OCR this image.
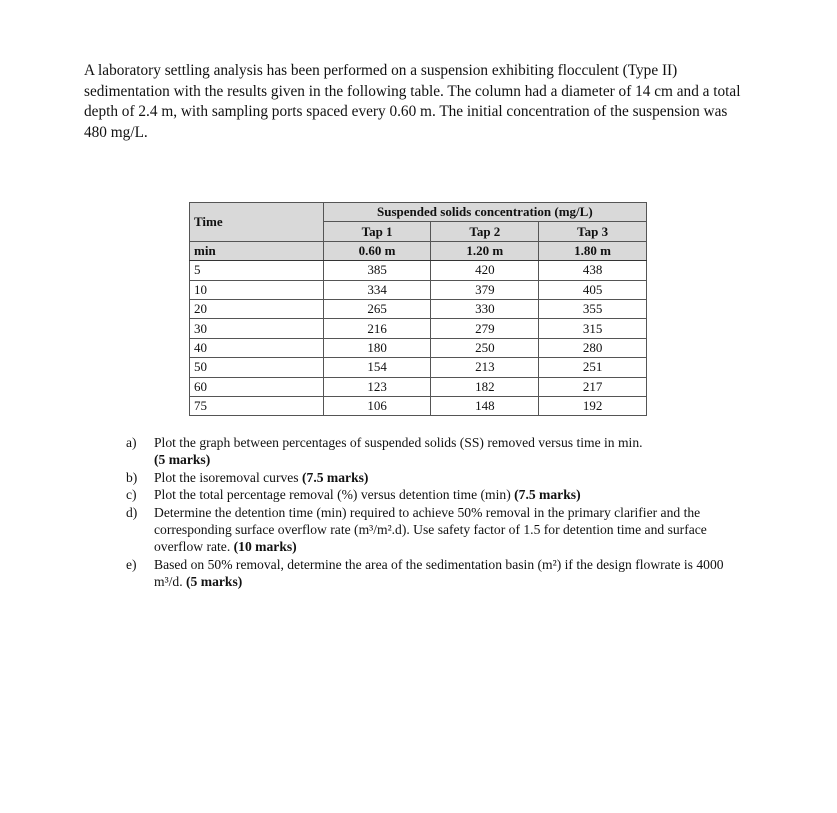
A laboratory settling analysis has been performed on a suspension exhibiting flocculent (Type II) sedimentation with the results given in the following table. The column had a diameter of 14 cm and a total depth of 2.4 m, with sampling ports spaced every 0.60 m. The initial concentration of the suspension was 480 mg/L.
Time	Suspended solids concentration (mg/L)		
	Tap 1	Tap 2	Tap 3
min	0.60 m	1.20 m	1.80 m
5	385	420	438
10	334	379	405
20	265	330	355
30	216	279	315
40	180	250	280
50	154	213	251
60	123	182	217
75	106	148	192
a)	Plot the graph between percentages of suspended solids (SS) removed versus time in min.
(5 marks)
b)	Plot the isoremoval curves (7.5 marks)
c)	Plot the total percentage removal (%) versus detention time (min) (7.5 marks)
d)	Determine the detention time (min) required to achieve 50% removal in the primary clarifier and the corresponding surface overflow rate (m³/m².d). Use safety factor of 1.5 for detention time and surface overflow rate. (10 marks)
e)	Based on 50% removal, determine the area of the sedimentation basin (m²) if the design flowrate is 4000 m³/d. (5 marks)
